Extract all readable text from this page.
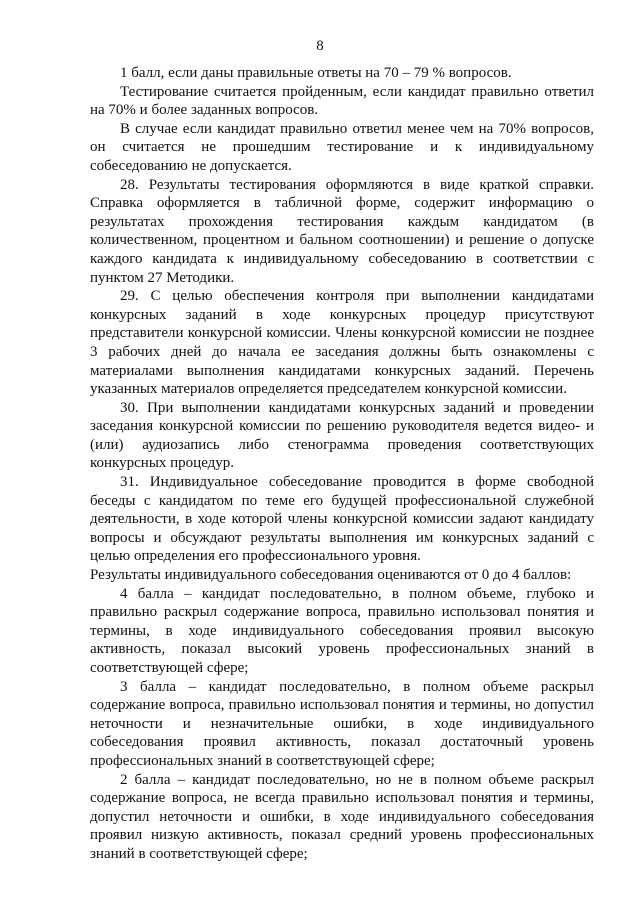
8

1 балл, если даны правильные ответы на 70 – 79 % вопросов.

Тестирование считается пройденным, если кандидат правильно ответил на 70% и более заданных вопросов.

В случае если кандидат правильно ответил менее чем на 70% вопросов, он считается не прошедшим тестирование и к индивидуальному собеседованию не допускается.

28. Результаты тестирования оформляются в виде краткой справки. Справка оформляется в табличной форме, содержит информацию о результатах прохождения тестирования каждым кандидатом (в количественном, процентном и бальном соотношении) и решение о допуске каждого кандидата к индивидуальному собеседованию в соответствии с пунктом 27 Методики.

29. С целью обеспечения контроля при выполнении кандидатами конкурсных заданий в ходе конкурсных процедур присутствуют представители конкурсной комиссии. Члены конкурсной комиссии не позднее 3 рабочих дней до начала ее заседания должны быть ознакомлены с материалами выполнения кандидатами конкурсных заданий. Перечень указанных материалов определяется председателем конкурсной комиссии.

30. При выполнении кандидатами конкурсных заданий и проведении заседания конкурсной комиссии по решению руководителя ведется видео- и (или) аудиозапись либо стенограмма проведения соответствующих конкурсных процедур.

31. Индивидуальное собеседование проводится в форме свободной беседы с кандидатом по теме его будущей профессиональной служебной деятельности, в ходе которой члены конкурсной комиссии задают кандидату вопросы и обсуждают результаты выполнения им конкурсных заданий с целью определения его профессионального уровня.

Результаты индивидуального собеседования оцениваются от 0 до 4 баллов:

4 балла – кандидат последовательно, в полном объеме, глубоко и правильно раскрыл содержание вопроса, правильно использовал понятия и термины, в ходе индивидуального собеседования проявил высокую активность, показал высокий уровень профессиональных знаний в соответствующей сфере;

3 балла – кандидат последовательно, в полном объеме раскрыл содержание вопроса, правильно использовал понятия и термины, но допустил неточности и незначительные ошибки, в ходе индивидуального собеседования проявил активность, показал достаточный уровень профессиональных знаний в соответствующей сфере;

2 балла – кандидат последовательно, но не в полном объеме раскрыл содержание вопроса, не всегда правильно использовал понятия и термины, допустил неточности и ошибки, в ходе индивидуального собеседования проявил низкую активность, показал средний уровень профессиональных знаний в соответствующей сфере;
